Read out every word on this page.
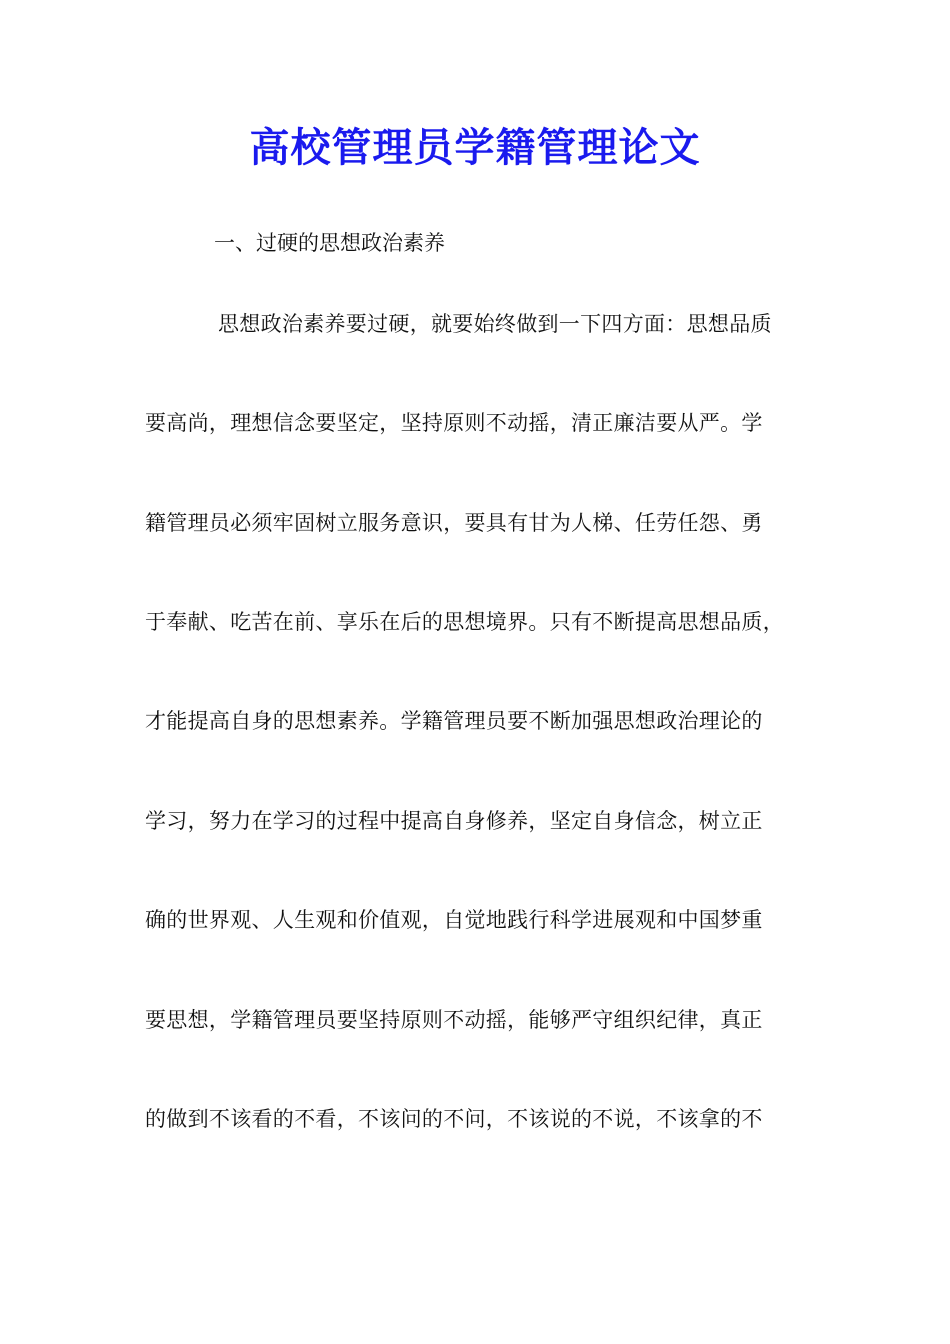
高校管理员学籍管理论文
一、过硬的思想政治素养
思想政治素养要过硬，就要始终做到一下四方面：思想品质
要高尚，理想信念要坚定，坚持原则不动摇，清正廉洁要从严。学
籍管理员必须牢固树立服务意识，要具有甘为人梯、任劳任怨、勇
于奉献、吃苦在前、享乐在后的思想境界。只有不断提高思想品质，
才能提高自身的思想素养。学籍管理员要不断加强思想政治理论的
学习，努力在学习的过程中提高自身修养，坚定自身信念，树立正
确的世界观、人生观和价值观，自觉地践行科学进展观和中国梦重
要思想，学籍管理员要坚持原则不动摇，能够严守组织纪律，真正
的做到不该看的不看，不该问的不问，不该说的不说，不该拿的不
